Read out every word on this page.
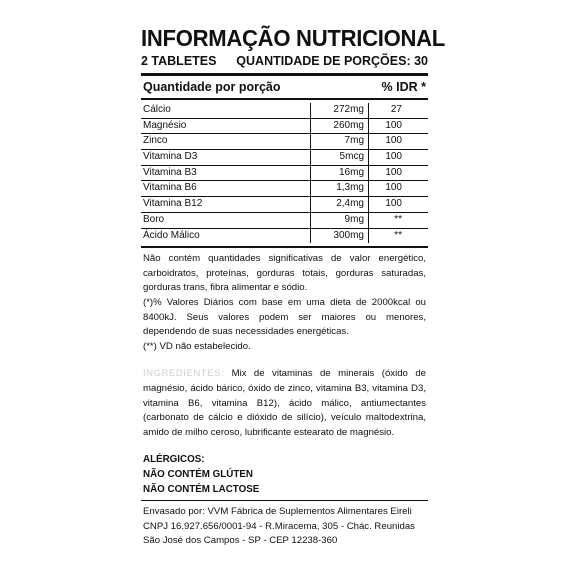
INFORMAÇÃO NUTRICIONAL
2 TABLETES QUANTIDADE DE PORÇÕES: 30
Quantidade por porção	% IDR *
Cálcio	272mg	27
Magnésio	260mg	100
Zinco	7mg	100
Vitamina D3	5mcg	100
Vitamina B3	16mg	100
Vitamina B6	1,3mg	100
Vitamina B12	2,4mg	100
Boro	9mg	**
Ácido Málico	300mg	**

Não contém quantidades significativas de valor energético, carboidratos, proteínas, gorduras totais, gorduras saturadas, gorduras trans, fibra alimentar e sódio.

(*)% Valores Diários com base em uma dieta de 2000kcal ou 8400kJ. Seus valores podem ser maiores ou menores, dependendo de suas necessidades energéticas.

(**) VD não estabelecido.

INGREDIENTES: Mix de vitaminas de minerais (óxido de magnésio, ácido bárico, óxido de zinco, vitamina B3, vitamina D3, vitamina B6, vitamina B12), ácido málico, antiumectantes (carbonato de cálcio e dióxido de silício), veículo maltodextrina, amido de milho ceroso, lubrificante estearato de magnésio.

ALÉRGICOS:
NÃO CONTÉM GLÚTEN
NÃO CONTÉM LACTOSE
Envasado por: VVM Fábrica de Suplementos Alimentares Eireli
CNPJ 16.927.656/0001-94 - R.Miracema, 305 - Chác. Reunidas
São José dos Campos - SP - CEP 12238-360
